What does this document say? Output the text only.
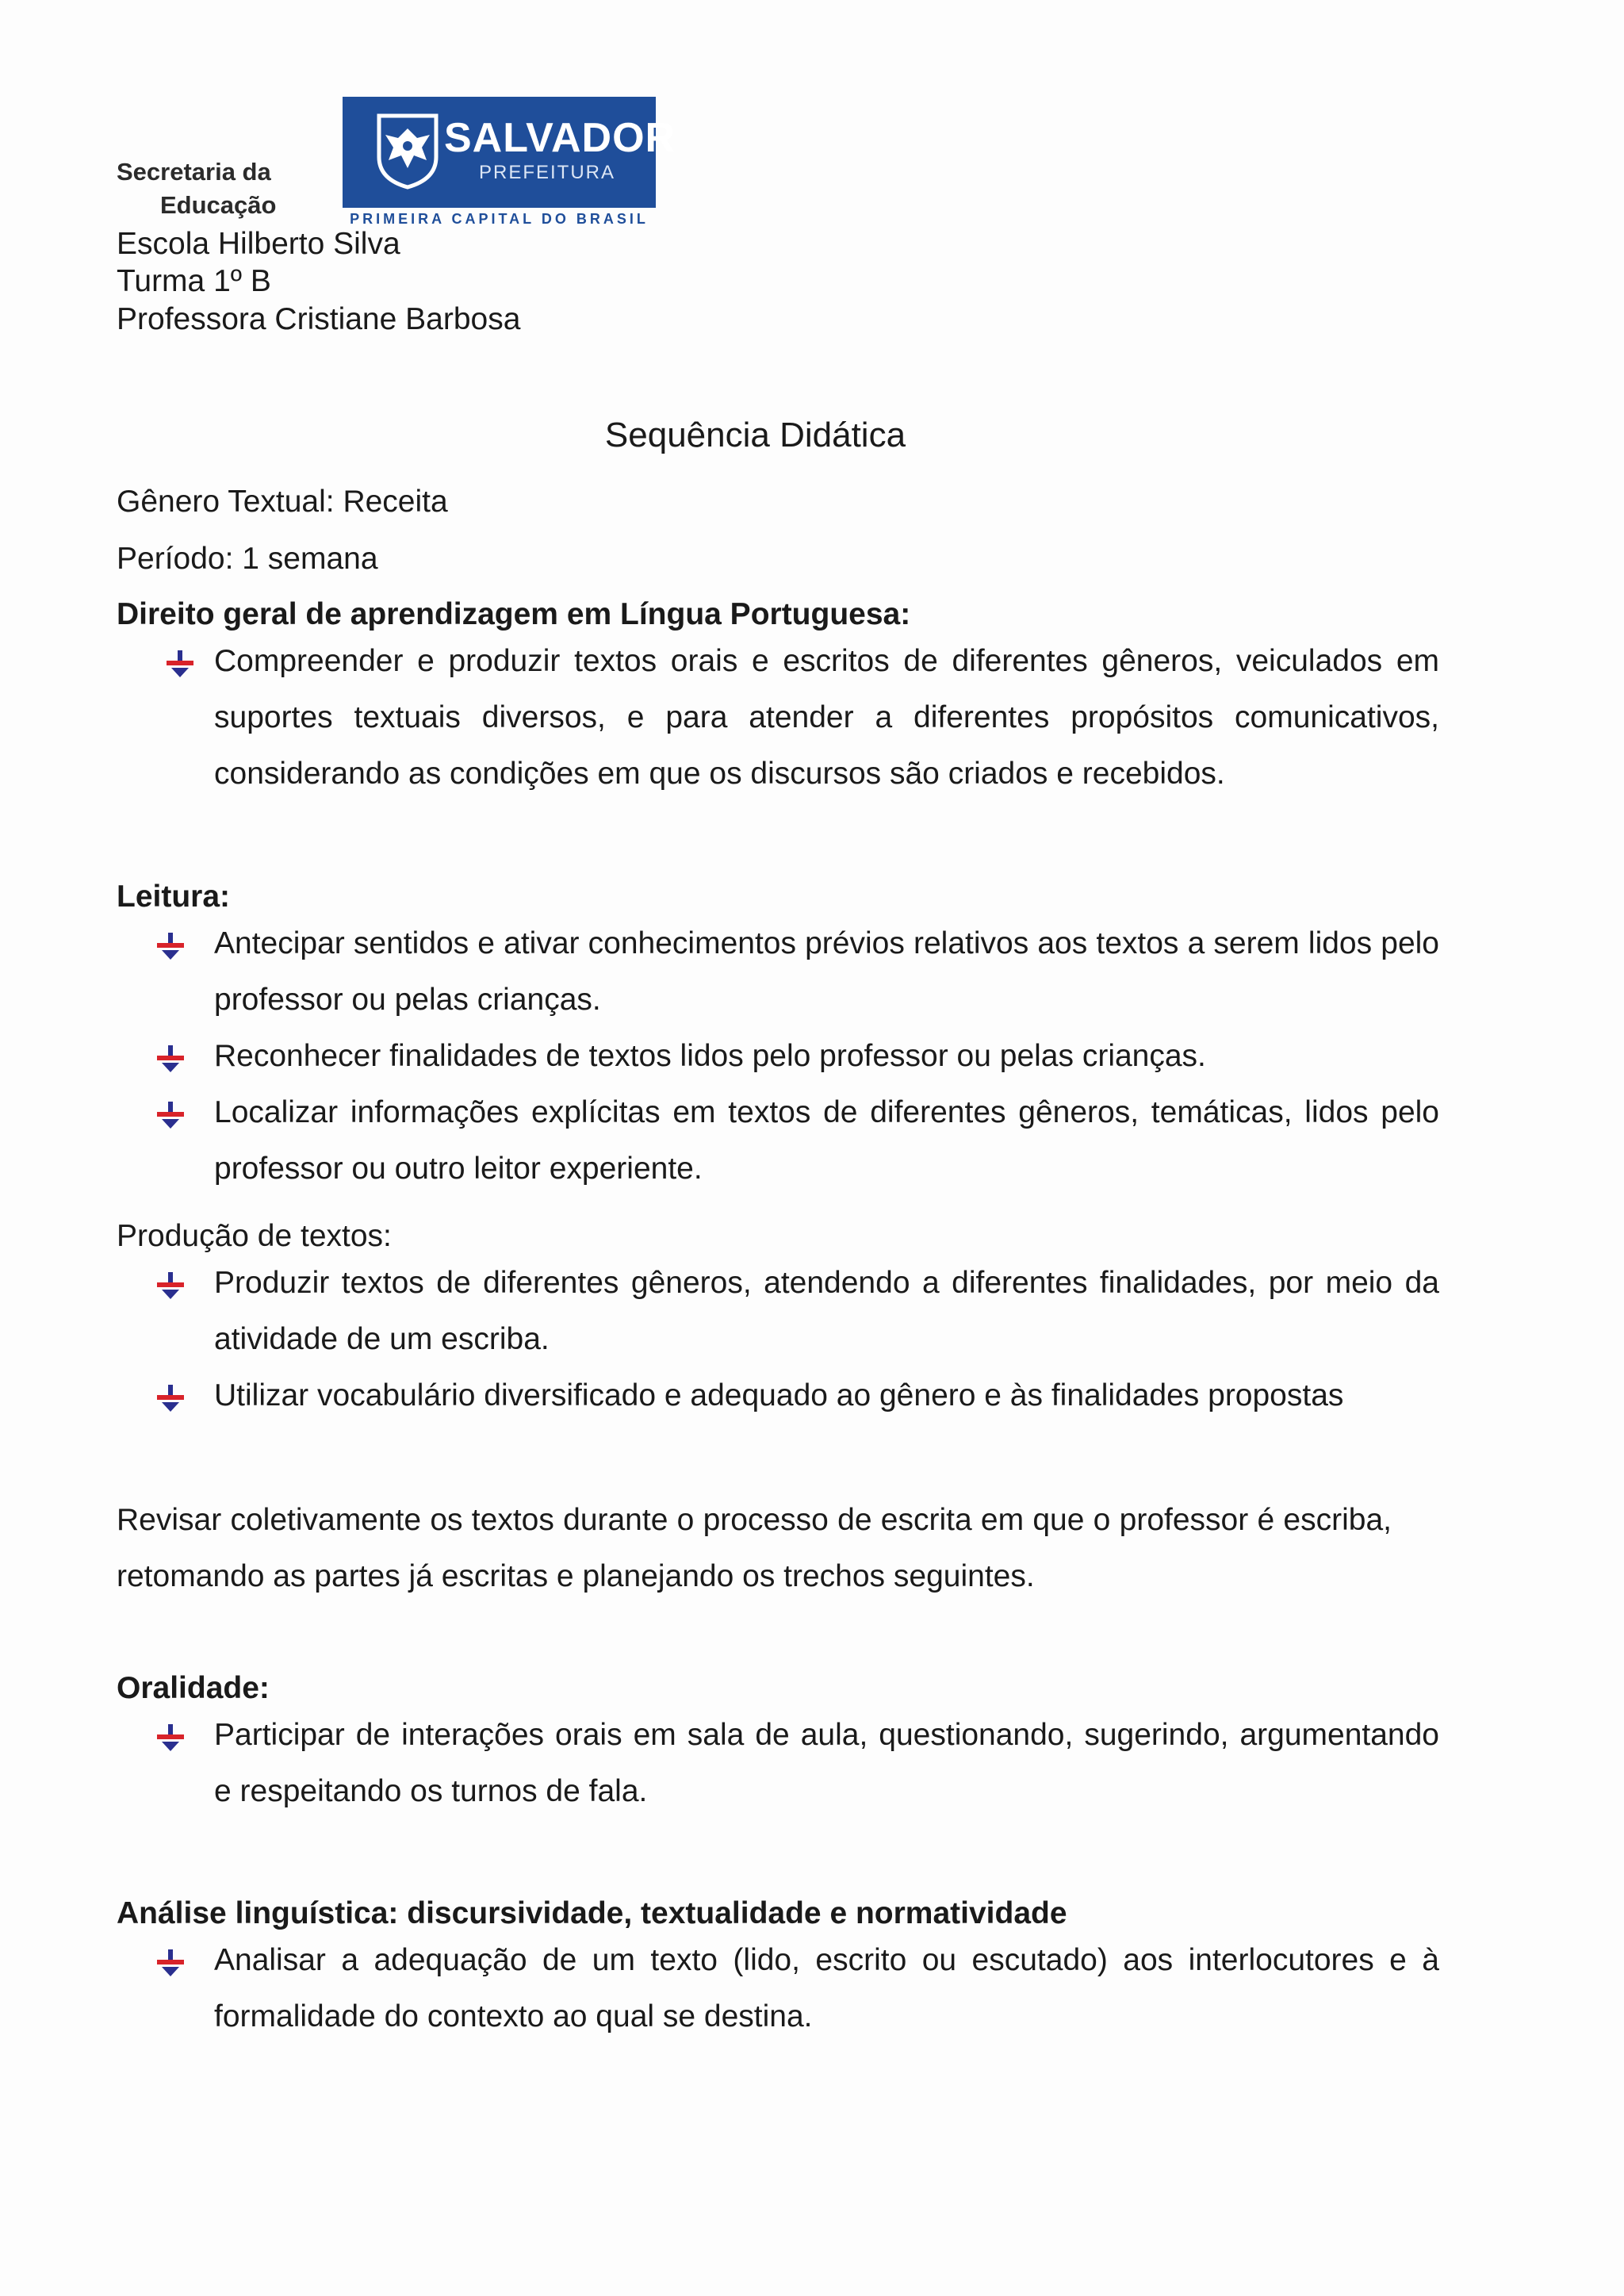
Secretaria da
Educação
SALVADOR
PREFEITURA
PRIMEIRA CAPITAL DO BRASIL
Escola Hilberto Silva
Turma 1º B
Professora Cristiane Barbosa
Sequência Didática
Gênero Textual: Receita
Período: 1 semana
Direito geral de aprendizagem em Língua Portuguesa:
Compreender e produzir textos orais e escritos de diferentes gêneros, veiculados em suportes textuais diversos, e para atender a diferentes propósitos comunicativos, considerando as condições em que os discursos são criados e recebidos.
Leitura:
Antecipar sentidos e ativar conhecimentos prévios relativos aos textos a serem lidos pelo professor ou pelas crianças.
Reconhecer finalidades de textos lidos pelo professor ou pelas crianças.
Localizar informações explícitas em textos de diferentes gêneros, temáticas, lidos pelo professor ou outro leitor experiente.
Produção de textos:
Produzir textos de diferentes gêneros, atendendo a diferentes finalidades, por meio da atividade de um escriba.
Utilizar vocabulário diversificado e adequado ao gênero e às finalidades propostas
Revisar coletivamente os textos durante o processo de escrita em que o professor é escriba, retomando as partes já escritas e planejando os trechos seguintes.
Oralidade:
Participar de interações orais em sala de aula, questionando, sugerindo, argumentando e respeitando os turnos de fala.
Análise linguística: discursividade, textualidade e normatividade
Analisar a adequação de um texto (lido, escrito ou escutado) aos interlocutores e à formalidade do contexto ao qual se destina.
